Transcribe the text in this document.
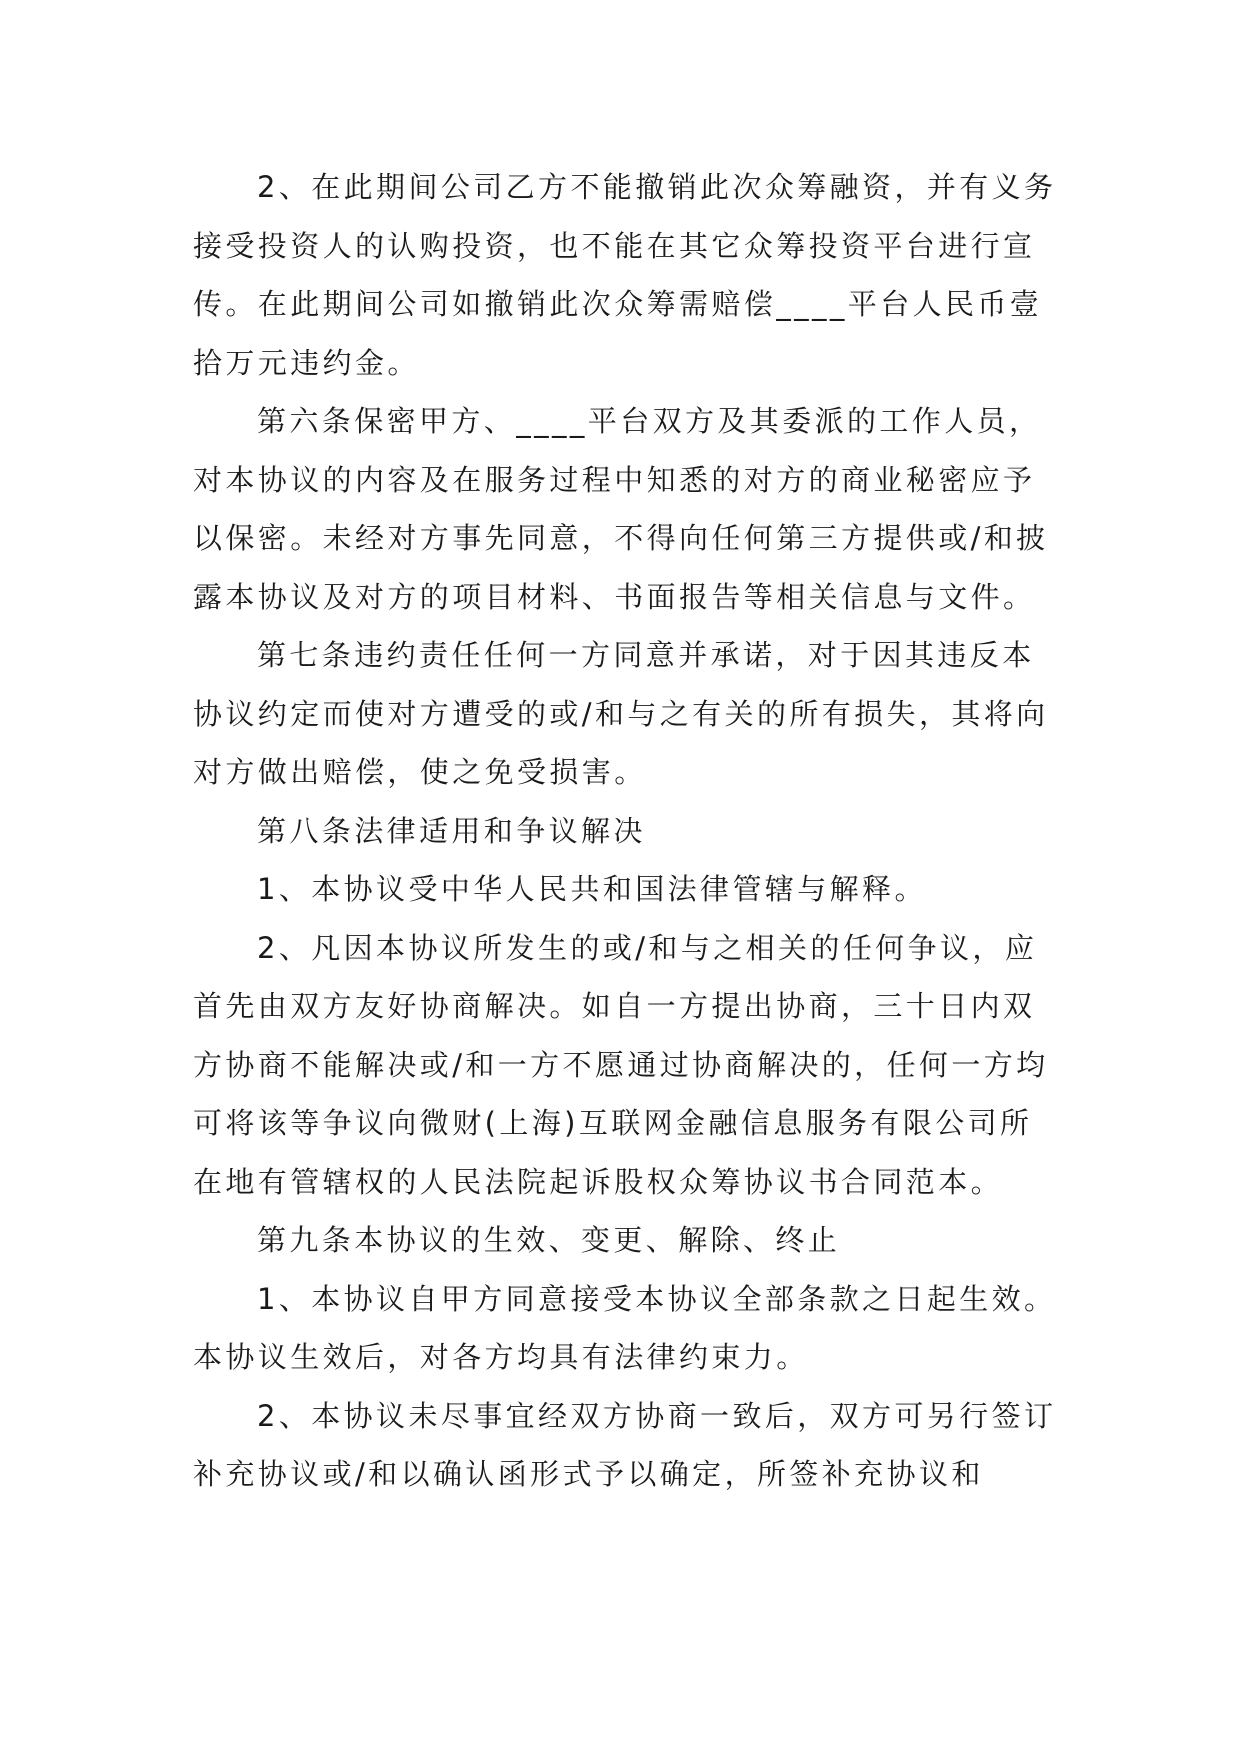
2、在此期间公司乙方不能撤销此次众筹融资，并有义务接受投资人的认购投资，也不能在其它众筹投资平台进行宣传。在此期间公司如撤销此次众筹需赔偿____平台人民币壹拾万元违约金。

第六条保密甲方、____平台双方及其委派的工作人员，对本协议的内容及在服务过程中知悉的对方的商业秘密应予以保密。未经对方事先同意，不得向任何第三方提供或/和披露本协议及对方的项目材料、书面报告等相关信息与文件。

第七条违约责任任何一方同意并承诺，对于因其违反本协议约定而使对方遭受的或/和与之有关的所有损失，其将向对方做出赔偿，使之免受损害。

第八条法律适用和争议解决

1、本协议受中华人民共和国法律管辖与解释。

2、凡因本协议所发生的或/和与之相关的任何争议，应首先由双方友好协商解决。如自一方提出协商，三十日内双方协商不能解决或/和一方不愿通过协商解决的，任何一方均可将该等争议向微财(上海)互联网金融信息服务有限公司所在地有管辖权的人民法院起诉股权众筹协议书合同范本。

第九条本协议的生效、变更、解除、终止

1、本协议自甲方同意接受本协议全部条款之日起生效。本协议生效后，对各方均具有法律约束力。

2、本协议未尽事宜经双方协商一致后，双方可另行签订补充协议或/和以确认函形式予以确定，所签补充协议和
